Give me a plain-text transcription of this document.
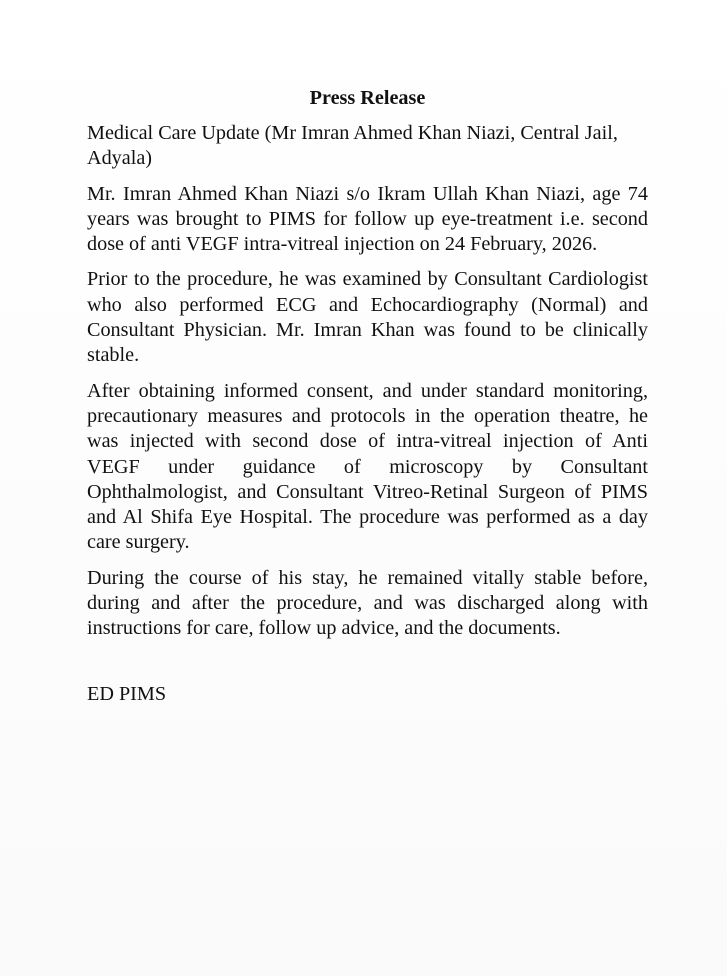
Press Release

Medical Care Update (Mr Imran Ahmed Khan Niazi, Central Jail, Adyala)

Mr. Imran Ahmed Khan Niazi s/o Ikram Ullah Khan Niazi, age 74 years was brought to PIMS for follow up eye-treatment i.e. second dose of anti VEGF intra-vitreal injection on 24 February, 2026.

Prior to the procedure, he was examined by Consultant Cardiologist who also performed ECG and Echocardiography (Normal) and Consultant Physician. Mr. Imran Khan was found to be clinically stable.

After obtaining informed consent, and under standard monitoring, precautionary measures and protocols in the operation theatre, he was injected with second dose of intra-vitreal injection of Anti VEGF under guidance of microscopy by Consultant Ophthalmologist, and Consultant Vitreo-Retinal Surgeon of PIMS and Al Shifa Eye Hospital. The procedure was performed as a day care surgery.

During the course of his stay, he remained vitally stable before, during and after the procedure, and was discharged along with instructions for care, follow up advice, and the documents.

ED PIMS
